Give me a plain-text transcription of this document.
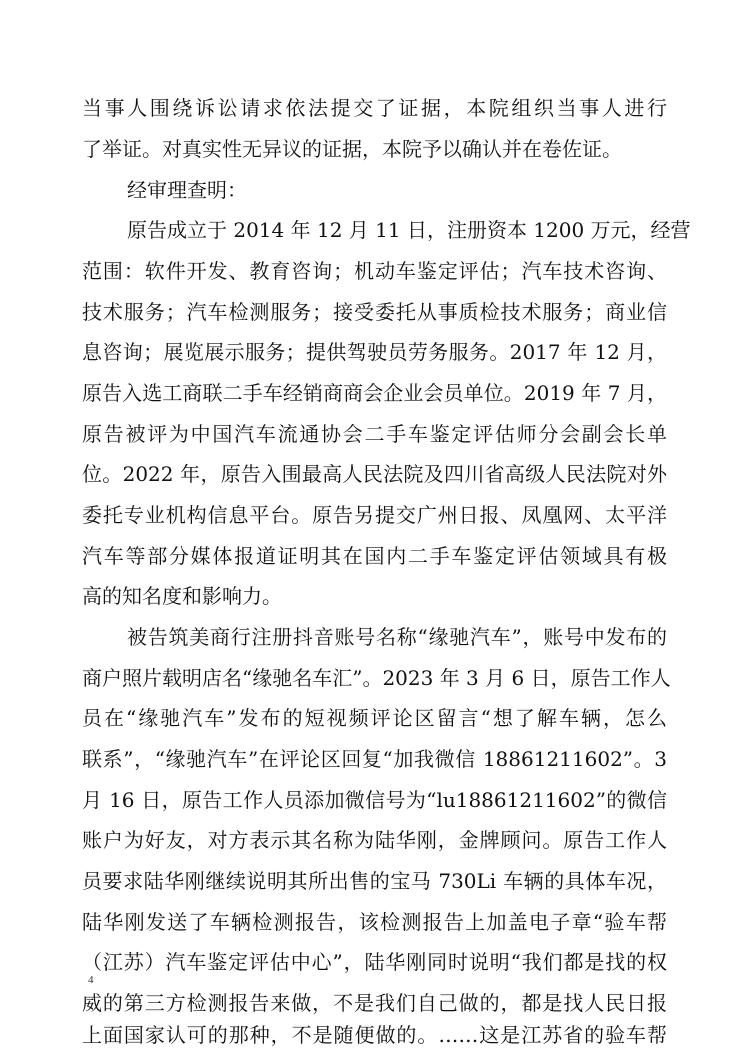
当事人围绕诉讼请求依法提交了证据，本院组织当事人进行
了举证。对真实性无异议的证据，本院予以确认并在卷佐证。
经审理查明：
原告成立于 2014 年 12 月 11 日，注册资本 1200 万元，经营
范围：软件开发、教育咨询；机动车鉴定评估；汽车技术咨询、
技术服务；汽车检测服务；接受委托从事质检技术服务；商业信
息咨询；展览展示服务；提供驾驶员劳务服务。2017 年 12 月，
原告入选工商联二手车经销商商会企业会员单位。2019 年 7 月，
原告被评为中国汽车流通协会二手车鉴定评估师分会副会长单
位。2022 年，原告入围最高人民法院及四川省高级人民法院对外
委托专业机构信息平台。原告另提交广州日报、凤凰网、太平洋
汽车等部分媒体报道证明其在国内二手车鉴定评估领域具有极
高的知名度和影响力。
被告筑美商行注册抖音账号名称“缘驰汽车”，账号中发布的
商户照片载明店名“缘驰名车汇”。2023 年 3 月 6 日，原告工作人
员在“缘驰汽车”发布的短视频评论区留言“想了解车辆，怎么
联系”，“缘驰汽车”在评论区回复“加我微信 18861211602”。3
月 16 日，原告工作人员添加微信号为“lu18861211602”的微信
账户为好友，对方表示其名称为陆华刚，金牌顾问。原告工作人
员要求陆华刚继续说明其所出售的宝马 730Li 车辆的具体车况，
陆华刚发送了车辆检测报告，该检测报告上加盖电子章“验车帮
（江苏）汽车鉴定评估中心”，陆华刚同时说明“我们都是找的权
威的第三方检测报告来做，不是我们自己做的，都是找人民日报
上面国家认可的那种，不是随便做的。……这是江苏省的验车帮
4
